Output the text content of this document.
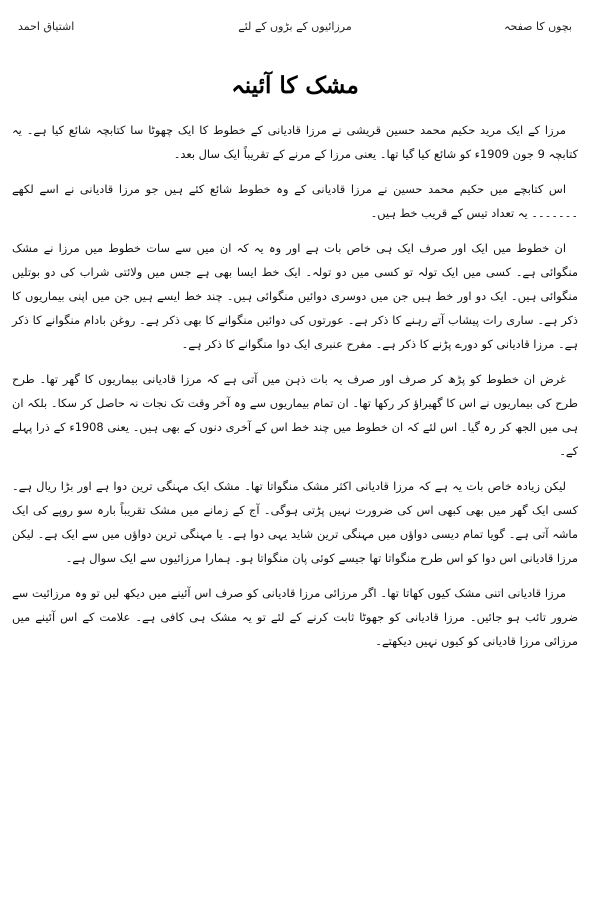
بچوں کا صفحہ
مرزائیوں کے بڑوں کے لئے
اشتیاق احمد
مشک کا آئینہ

مرزا کے ایک مرید حکیم محمد حسین قریشی نے مرزا قادیانی کے خطوط کا ایک چھوٹا سا کتابچہ شائع کیا ہے۔ یہ کتابچہ 9 جون 1909ء کو شائع کیا گیا تھا۔ یعنی مرزا کے مرنے کے تقریباً ایک سال بعد۔

اس کتابچے میں حکیم محمد حسین نے مرزا قادیانی کے وہ خطوط شائع کئے ہیں جو مرزا قادیانی نے اسے لکھے ۔۔۔۔۔۔۔ یہ تعداد تیس کے قریب خط ہیں۔

ان خطوط میں ایک اور صرف ایک ہی خاص بات ہے اور وہ یہ کہ ان میں سے سات خطوط میں مرزا نے مشک منگوائی ہے۔ کسی میں ایک تولہ تو کسی میں دو تولہ۔ ایک خط ایسا بھی ہے جس میں ولائتی شراب کی دو بوتلیں منگوائی ہیں۔ ایک دو اور خط ہیں جن میں دوسری دوائیں منگوائی ہیں۔ چند خط ایسے ہیں جن میں اپنی بیماریوں کا ذکر ہے۔ ساری رات پیشاب آتے رہنے کا ذکر ہے۔ عورتوں کی دوائیں منگوانے کا بھی ذکر ہے۔ روغن بادام منگوانے کا ذکر ہے۔ مرزا قادیانی کو دورے پڑنے کا ذکر ہے۔ مفرح عنبری ایک دوا منگوانے کا ذکر ہے۔

غرض ان خطوط کو پڑھ کر صرف اور صرف یہ بات ذہن میں آتی ہے کہ مرزا قادیانی بیماریوں کا گھر تھا۔ طرح طرح کی بیماریوں نے اس کا گھیراؤ کر رکھا تھا۔ ان تمام بیماریوں سے وہ آخر وقت تک نجات نہ حاصل کر سکا۔ بلکہ ان ہی میں الجھ کر رہ گیا۔ اس لئے کہ ان خطوط میں چند خط اس کے آخری دنوں کے بھی ہیں۔ یعنی 1908ء کے ذرا پہلے کے۔

لیکن زیادہ خاص بات یہ ہے کہ مرزا قادیانی اکثر مشک منگواتا تھا۔ مشک ایک مہنگی ترین دوا ہے اور بڑا ریال ہے۔ کسی ایک گھر میں بھی کبھی اس کی ضرورت نہیں پڑتی ہوگی۔ آج کے زمانے میں مشک تقریباً بارہ سو روپے کی ایک ماشہ آتی ہے۔ گویا تمام دیسی دواؤں میں مہنگی ترین شاید یہی دوا ہے۔ یا مہنگی ترین دواؤں میں سے ایک ہے۔ لیکن مرزا قادیانی اس دوا کو اس طرح منگواتا تھا جیسے کوئی پان منگواتا ہو۔ ہمارا مرزائیوں سے ایک سوال ہے۔

مرزا قادیانی اتنی مشک کیوں کھاتا تھا۔ اگر مرزائی مرزا قادیانی کو صرف اس آئینے میں دیکھ لیں تو وہ مرزائیت سے ضرور تائب ہو جائیں۔ مرزا قادیانی کو جھوٹا ثابت کرنے کے لئے تو یہ مشک ہی کافی ہے۔ علامت کے اس آئینے میں مرزائی مرزا قادیانی کو کیوں نہیں دیکھتے۔
